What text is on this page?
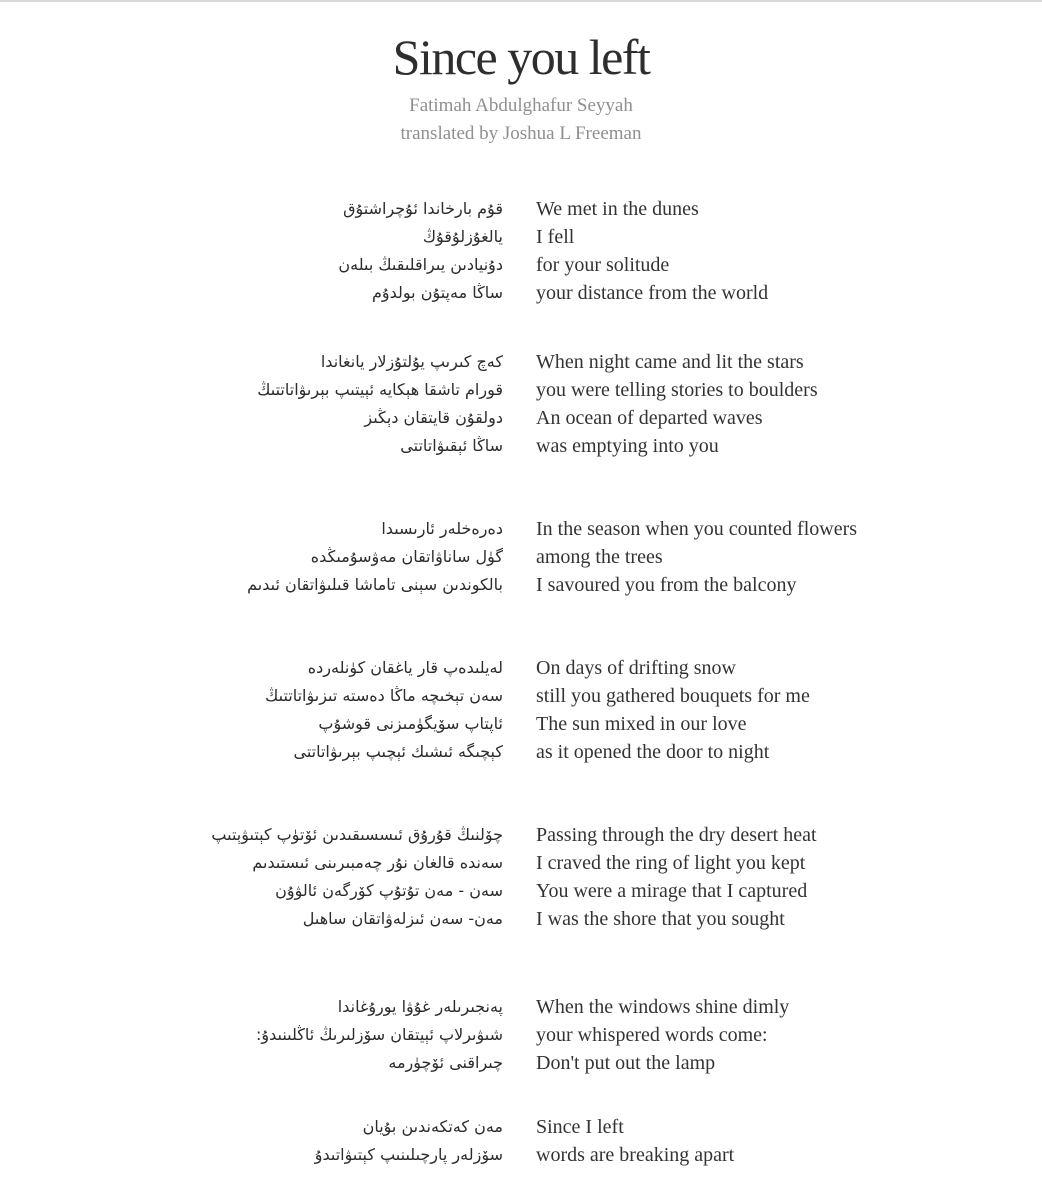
Since you left
Fatimah Abdulghafur Seyyah
translated by Joshua L Freeman
قۇم بارخاندا ئۇچراشتۇق We met in the dunes
يالغۇزلۇقۇڭ I fell
دۇنيادىن يىراقلىقىڭ بىلەن for your solitude
ساڭا مەپتۇن بولدۇم your distance from the world
كەچ كىرىپ يۇلتۇزلار يانغاندا When night came and lit the stars
قورام تاشقا ھېكايە ئېيتىپ بېرىۋاتاتتىڭ you were telling stories to boulders
دولقۇن قايتقان دېڭىز An ocean of departed waves
ساڭا ئېقىۋاتاتتى was emptying into you
دەرەخلەر ئارىسىدا In the season when you counted flowers
گۈل ساناۋاتقان مەۋسۇمىڭدە among the trees
بالكوندىن سېنى تاماشا قىلىۋاتقان ئىدىم I savoured you from the balcony
لەيلىدەپ قار ياغقان كۈنلەردە On days of drifting snow
سەن تېخىچە ماڭا دەستە تىزىۋاتاتتىڭ still you gathered bouquets for me
ئاپتاپ سۆيگۈمىزنى قوشۇپ The sun mixed in our love
كېچىگە ئىشىك ئېچىپ بېرىۋاتاتتى as it opened the door to night
چۆلنىڭ قۇرۇق ئىسسىقىدىن ئۆتۈپ كېتىۋېتىپ Passing through the dry desert heat
سەندە قالغان نۇر چەمبىرىنى ئىستىدىم I craved the ring of light you kept
سەن - مەن تۇتۇپ كۆرگەن ئالۋۇن You were a mirage that I captured
مەن- سەن ئىزلەۋاتقان ساھىل I was the shore that you sought
پەنجىرىلەر غۇۋا يورۇغاندا When the windows shine dimly
شىۋىرلاپ ئېيتقان سۆزلىرىڭ ئاڭلىنىدۇ: your whispered words come:
چىراقنى ئۆچۈرمە Don't put out the lamp
مەن كەتكەندىن بۇيان Since I left
سۆزلەر پارچىلىنىپ كېتىۋاتىدۇ words are breaking apart
